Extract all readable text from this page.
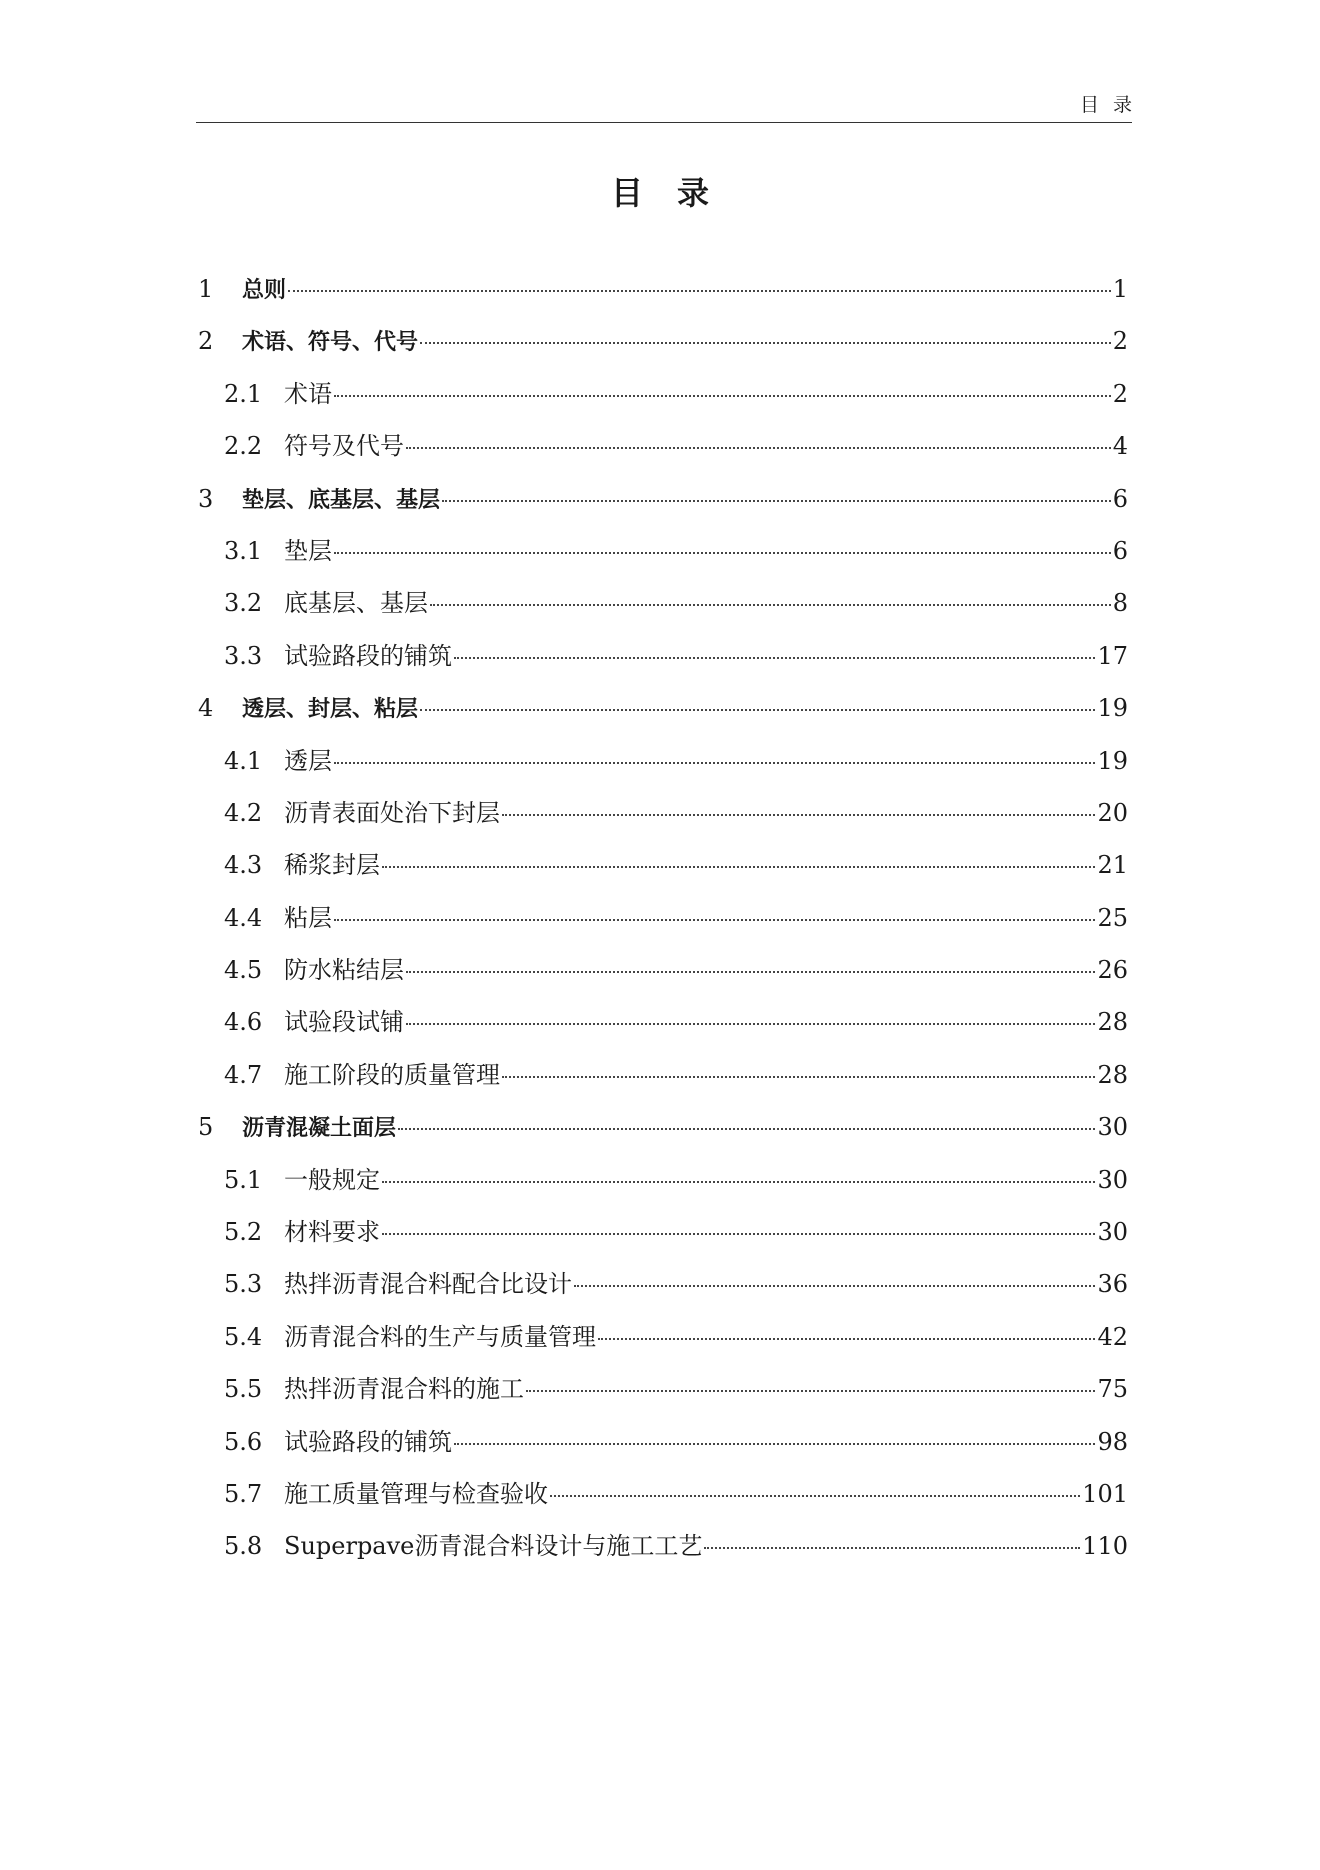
目录
目录
1	总则	1
2	术语、符号、代号	2
2.1 术语	2
2.2 符号及代号	4
3	垫层、底基层、基层	6
3.1 垫层	6
3.2 底基层、基层	8
3.3 试验路段的铺筑	17
4	透层、封层、粘层	19
4.1 透层	19
4.2 沥青表面处治下封层	20
4.3 稀浆封层	21
4.4 粘层	25
4.5 防水粘结层	26
4.6 试验段试铺	28
4.7 施工阶段的质量管理	28
5	沥青混凝土面层	30
5.1 一般规定	30
5.2 材料要求	30
5.3 热拌沥青混合料配合比设计	36
5.4 沥青混合料的生产与质量管理	42
5.5 热拌沥青混合料的施工	75
5.6 试验路段的铺筑	98
5.7 施工质量管理与检查验收	101
5.8 Superpave沥青混合料设计与施工工艺	110
